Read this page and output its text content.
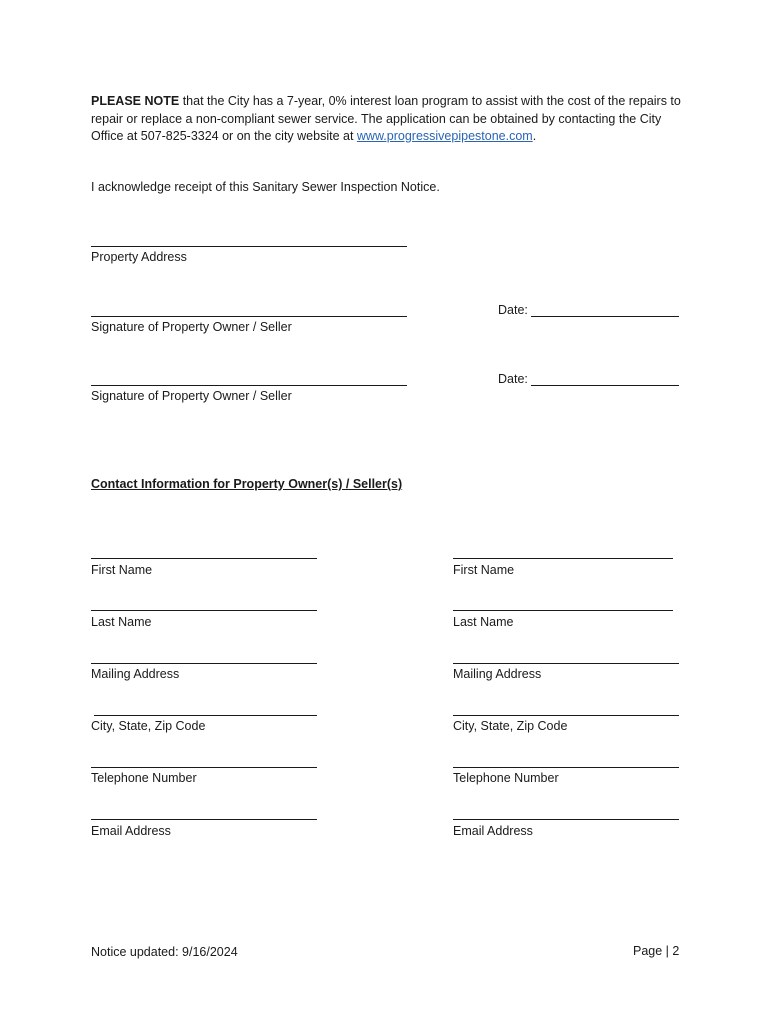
PLEASE NOTE that the City has a 7-year, 0% interest loan program to assist with the cost of the repairs to repair or replace a non-compliant sewer service. The application can be obtained by contacting the City Office at 507-825-3324 or on the city website at www.progressivepipestone.com.
I acknowledge receipt of this Sanitary Sewer Inspection Notice.
Property Address
Signature of Property Owner / Seller
Date:
Signature of Property Owner / Seller
Date:
Contact Information for Property Owner(s) / Seller(s)
First Name
Last Name
Mailing Address
City, State, Zip Code
Telephone Number
Email Address
First Name
Last Name
Mailing Address
City, State, Zip Code
Telephone Number
Email Address
Notice updated: 9/16/2024	Page | 2
